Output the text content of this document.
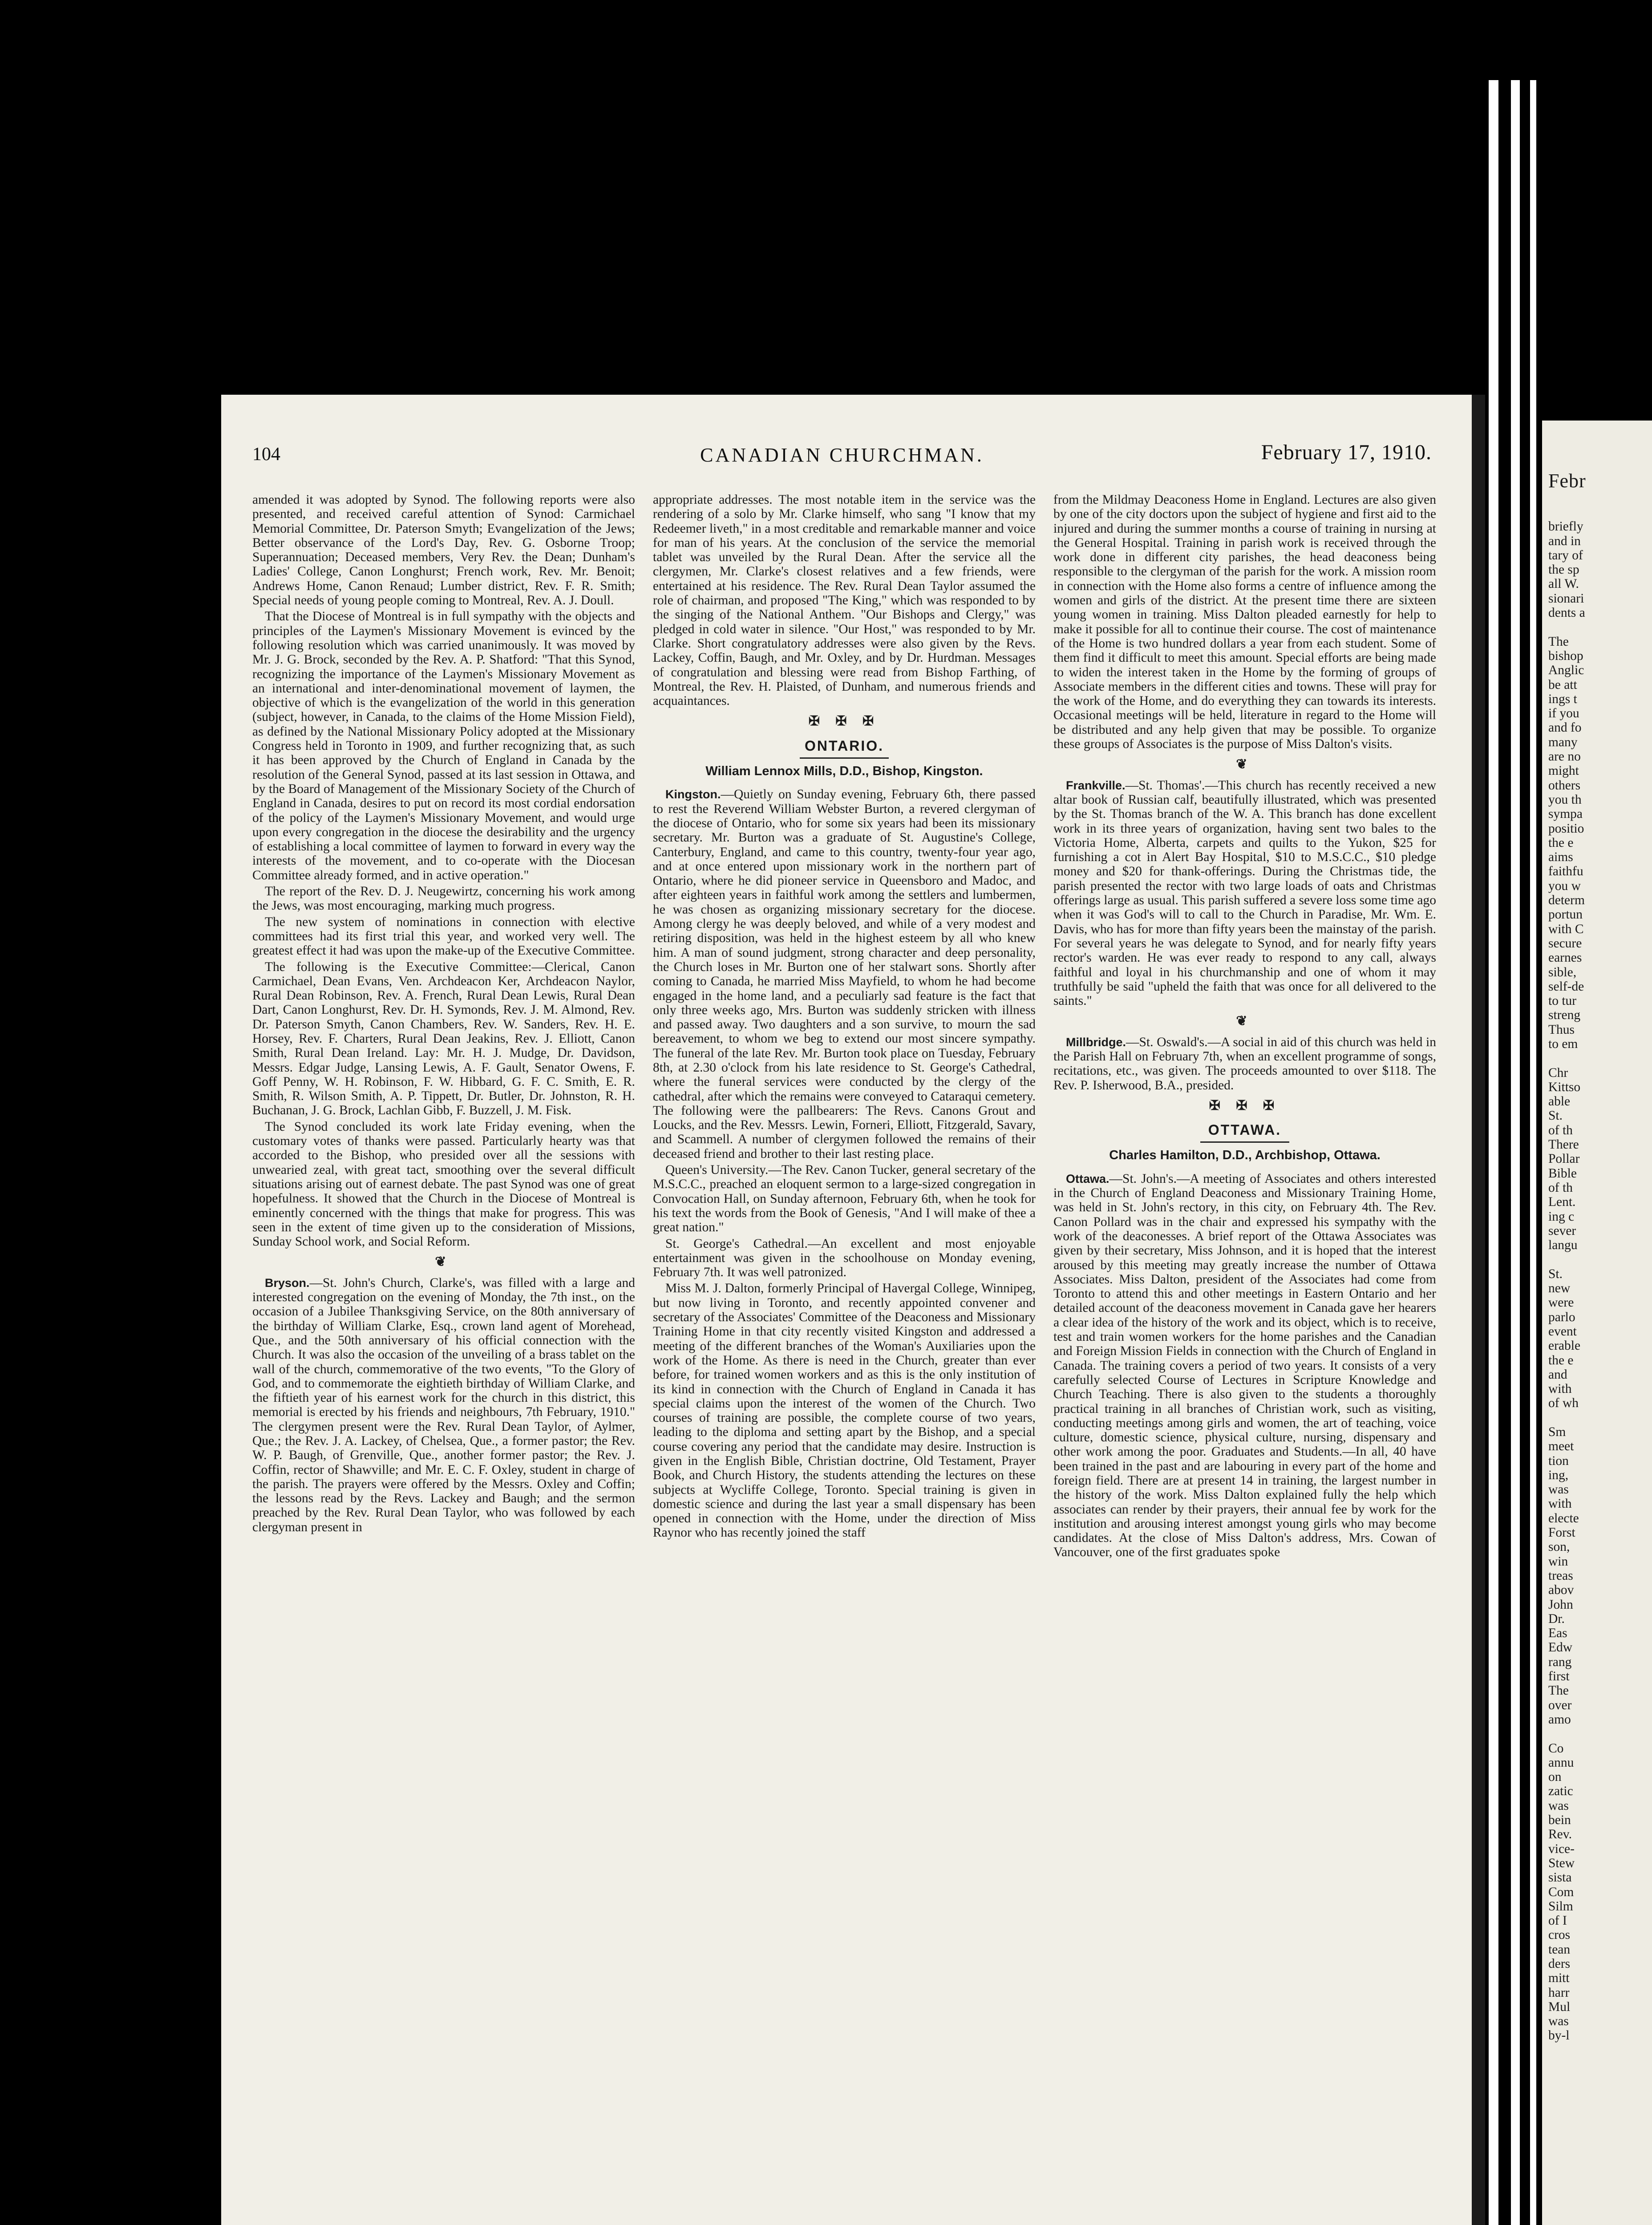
104	CANADIAN CHURCHMAN.	February 17, 1910.

amended it was adopted by Synod. The following reports were also presented, and received careful attention of Synod: Carmichael Memorial Committee, Dr. Paterson Smyth; Evangelization of the Jews; Better observance of the Lord's Day, Rev. G. Osborne Troop; Superannuation; Deceased members, Very Rev. the Dean; Dunham's Ladies' College, Canon Longhurst; French work, Rev. Mr. Benoit; Andrews Home, Canon Renaud; Lumber district, Rev. F. R. Smith; Special needs of young people coming to Montreal, Rev. A. J. Doull.

That the Diocese of Montreal is in full sympathy with the objects and principles of the Laymen's Missionary Movement is evinced by the following resolution which was carried unanimously. It was moved by Mr. J. G. Brock, seconded by the Rev. A. P. Shatford: "That this Synod, recognizing the importance of the Laymen's Missionary Movement as an international and inter-denominational movement of laymen, the objective of which is the evangelization of the world in this generation (subject, however, in Canada, to the claims of the Home Mission Field), as defined by the National Missionary Policy adopted at the Missionary Congress held in Toronto in 1909, and further recognizing that, as such it has been approved by the Church of England in Canada by the resolution of the General Synod, passed at its last session in Ottawa, and by the Board of Management of the Missionary Society of the Church of England in Canada, desires to put on record its most cordial endorsation of the policy of the Laymen's Missionary Movement, and would urge upon every congregation in the diocese the desirability and the urgency of establishing a local committee of laymen to forward in every way the interests of the movement, and to co-operate with the Diocesan Committee already formed, and in active operation."

The report of the Rev. D. J. Neugewirtz, concerning his work among the Jews, was most encouraging, marking much progress.

The new system of nominations in connection with elective committees had its first trial this year, and worked very well. The greatest effect it had was upon the make-up of the Executive Committee.

The following is the Executive Committee:—Clerical, Canon Carmichael, Dean Evans, Ven. Archdeacon Ker, Archdeacon Naylor, Rural Dean Robinson, Rev. A. French, Rural Dean Lewis, Rural Dean Dart, Canon Longhurst, Rev. Dr. H. Symonds, Rev. J. M. Almond, Rev. Dr. Paterson Smyth, Canon Chambers, Rev. W. Sanders, Rev. H. E. Horsey, Rev. F. Charters, Rural Dean Jeakins, Rev. J. Elliott, Canon Smith, Rural Dean Ireland. Lay: Mr. H. J. Mudge, Dr. Davidson, Messrs. Edgar Judge, Lansing Lewis, A. F. Gault, Senator Owens, F. Goff Penny, W. H. Robinson, F. W. Hibbard, G. F. C. Smith, E. R. Smith, R. Wilson Smith, A. P. Tippett, Dr. Butler, Dr. Johnston, R. H. Buchanan, J. G. Brock, Lachlan Gibb, F. Buzzell, J. M. Fisk.

The Synod concluded its work late Friday evening, when the customary votes of thanks were passed. Particularly hearty was that accorded to the Bishop, who presided over all the sessions with unwearied zeal, with great tact, smoothing over the several difficult situations arising out of earnest debate. The past Synod was one of great hopefulness. It showed that the Church in the Diocese of Montreal is eminently concerned with the things that make for progress. This was seen in the extent of time given up to the consideration of Missions, Sunday School work, and Social Reform.

❦

Bryson.—St. John's Church, Clarke's, was filled with a large and interested congregation on the evening of Monday, the 7th inst., on the occasion of a Jubilee Thanksgiving Service, on the 80th anniversary of the birthday of William Clarke, Esq., crown land agent of Morehead, Que., and the 50th anniversary of his official connection with the Church. It was also the occasion of the unveiling of a brass tablet on the wall of the church, commemorative of the two events, "To the Glory of God, and to commemorate the eightieth birthday of William Clarke, and the fiftieth year of his earnest work for the church in this district, this memorial is erected by his friends and neighbours, 7th February, 1910." The clergymen present were the Rev. Rural Dean Taylor, of Aylmer, Que.; the Rev. J. A. Lackey, of Chelsea, Que., a former pastor; the Rev. W. P. Baugh, of Grenville, Que., another former pastor; the Rev. J. Coffin, rector of Shawville; and Mr. E. C. F. Oxley, student in charge of the parish. The prayers were offered by the Messrs. Oxley and Coffin; the lessons read by the Revs. Lackey and Baugh; and the sermon preached by the Rev. Rural Dean Taylor, who was followed by each clergyman present in

appropriate addresses. The most notable item in the service was the rendering of a solo by Mr. Clarke himself, who sang "I know that my Redeemer liveth," in a most creditable and remarkable manner and voice for man of his years. At the conclusion of the service the memorial tablet was unveiled by the Rural Dean. After the service all the clergymen, Mr. Clarke's closest relatives and a few friends, were entertained at his residence. The Rev. Rural Dean Taylor assumed the role of chairman, and proposed "The King," which was responded to by the singing of the National Anthem. "Our Bishops and Clergy," was pledged in cold water in silence. "Our Host," was responded to by Mr. Clarke. Short congratulatory addresses were also given by the Revs. Lackey, Coffin, Baugh, and Mr. Oxley, and by Dr. Hurdman. Messages of congratulation and blessing were read from Bishop Farthing, of Montreal, the Rev. H. Plaisted, of Dunham, and numerous friends and acquaintances.

✠ ✠ ✠
ONTARIO.
William Lennox Mills, D.D., Bishop, Kingston.

Kingston.—Quietly on Sunday evening, February 6th, there passed to rest the Reverend William Webster Burton, a revered clergyman of the diocese of Ontario, who for some six years had been its missionary secretary. Mr. Burton was a graduate of St. Augustine's College, Canterbury, England, and came to this country, twenty-four year ago, and at once entered upon missionary work in the northern part of Ontario, where he did pioneer service in Queensboro and Madoc, and after eighteen years in faithful work among the settlers and lumbermen, he was chosen as organizing missionary secretary for the diocese. Among clergy he was deeply beloved, and while of a very modest and retiring disposition, was held in the highest esteem by all who knew him. A man of sound judgment, strong character and deep personality, the Church loses in Mr. Burton one of her stalwart sons. Shortly after coming to Canada, he married Miss Mayfield, to whom he had become engaged in the home land, and a peculiarly sad feature is the fact that only three weeks ago, Mrs. Burton was suddenly stricken with illness and passed away. Two daughters and a son survive, to mourn the sad bereavement, to whom we beg to extend our most sincere sympathy. The funeral of the late Rev. Mr. Burton took place on Tuesday, February 8th, at 2.30 o'clock from his late residence to St. George's Cathedral, where the funeral services were conducted by the clergy of the cathedral, after which the remains were conveyed to Cataraqui cemetery. The following were the pallbearers: The Revs. Canons Grout and Loucks, and the Rev. Messrs. Lewin, Forneri, Elliott, Fitzgerald, Savary, and Scammell. A number of clergymen followed the remains of their deceased friend and brother to their last resting place.

Queen's University.—The Rev. Canon Tucker, general secretary of the M.S.C.C., preached an eloquent sermon to a large-sized congregation in Convocation Hall, on Sunday afternoon, February 6th, when he took for his text the words from the Book of Genesis, "And I will make of thee a great nation."

St. George's Cathedral.—An excellent and most enjoyable entertainment was given in the schoolhouse on Monday evening, February 7th. It was well patronized.

Miss M. J. Dalton, formerly Principal of Havergal College, Winnipeg, but now living in Toronto, and recently appointed convener and secretary of the Associates' Committee of the Deaconess and Missionary Training Home in that city recently visited Kingston and addressed a meeting of the different branches of the Woman's Auxiliaries upon the work of the Home. As there is need in the Church, greater than ever before, for trained women workers and as this is the only institution of its kind in connection with the Church of England in Canada it has special claims upon the interest of the women of the Church. Two courses of training are possible, the complete course of two years, leading to the diploma and setting apart by the Bishop, and a special course covering any period that the candidate may desire. Instruction is given in the English Bible, Christian doctrine, Old Testament, Prayer Book, and Church History, the students attending the lectures on these subjects at Wycliffe College, Toronto. Special training is given in domestic science and during the last year a small dispensary has been opened in connection with the Home, under the direction of Miss Raynor who has recently joined the staff

from the Mildmay Deaconess Home in England. Lectures are also given by one of the city doctors upon the subject of hygiene and first aid to the injured and during the summer months a course of training in nursing at the General Hospital. Training in parish work is received through the work done in different city parishes, the head deaconess being responsible to the clergyman of the parish for the work. A mission room in connection with the Home also forms a centre of influence among the women and girls of the district. At the present time there are sixteen young women in training. Miss Dalton pleaded earnestly for help to make it possible for all to continue their course. The cost of maintenance of the Home is two hundred dollars a year from each student. Some of them find it difficult to meet this amount. Special efforts are being made to widen the interest taken in the Home by the forming of groups of Associate members in the different cities and towns. These will pray for the work of the Home, and do everything they can towards its interests. Occasional meetings will be held, literature in regard to the Home will be distributed and any help given that may be possible. To organize these groups of Associates is the purpose of Miss Dalton's visits.

❦

Frankville.—St. Thomas'.—This church has recently received a new altar book of Russian calf, beautifully illustrated, which was presented by the St. Thomas branch of the W. A. This branch has done excellent work in its three years of organization, having sent two bales to the Victoria Home, Alberta, carpets and quilts to the Yukon, $25 for furnishing a cot in Alert Bay Hospital, $10 to M.S.C.C., $10 pledge money and $20 for thank-offerings. During the Christmas tide, the parish presented the rector with two large loads of oats and Christmas offerings large as usual. This parish suffered a severe loss some time ago when it was God's will to call to the Church in Paradise, Mr. Wm. E. Davis, who has for more than fifty years been the mainstay of the parish. For several years he was delegate to Synod, and for nearly fifty years rector's warden. He was ever ready to respond to any call, always faithful and loyal in his churchmanship and one of whom it may truthfully be said "upheld the faith that was once for all delivered to the saints."

❦

Millbridge.—St. Oswald's.—A social in aid of this church was held in the Parish Hall on February 7th, when an excellent programme of songs, recitations, etc., was given. The proceeds amounted to over $118. The Rev. P. Isherwood, B.A., presided.

✠ ✠ ✠
OTTAWA.
Charles Hamilton, D.D., Archbishop, Ottawa.

Ottawa.—St. John's.—A meeting of Associates and others interested in the Church of England Deaconess and Missionary Training Home, was held in St. John's rectory, in this city, on February 4th. The Rev. Canon Pollard was in the chair and expressed his sympathy with the work of the deaconesses. A brief report of the Ottawa Associates was given by their secretary, Miss Johnson, and it is hoped that the interest aroused by this meeting may greatly increase the number of Ottawa Associates. Miss Dalton, president of the Associates had come from Toronto to attend this and other meetings in Eastern Ontario and her detailed account of the deaconess movement in Canada gave her hearers a clear idea of the history of the work and its object, which is to receive, test and train women workers for the home parishes and the Canadian and Foreign Mission Fields in connection with the Church of England in Canada. The training covers a period of two years. It consists of a very carefully selected Course of Lectures in Scripture Knowledge and Church Teaching. There is also given to the students a thoroughly practical training in all branches of Christian work, such as visiting, conducting meetings among girls and women, the art of teaching, voice culture, domestic science, physical culture, nursing, dispensary and other work among the poor. Graduates and Students.—In all, 40 have been trained in the past and are labouring in every part of the home and foreign field. There are at present 14 in training, the largest number in the history of the work. Miss Dalton explained fully the help which associates can render by their prayers, their annual fee by work for the institution and arousing interest amongst young girls who may become candidates. At the close of Miss Dalton's address, Mrs. Cowan of Vancouver, one of the first graduates spoke

Febr
briefly
and in
tary of
the sp
all W.
sionari
dents a

The
bishop
Anglic
be att
ings t
if you
and fo
many
are no
might
others
you th
sympa
positio
the e
aims
faithfu
you w
determ
portun
with C
secure
earnes
sible,
self-de
to tur
streng
Thus
to em

Chr
Kittso
able
St.
of th
There
Pollar
Bible
of th
Lent.
ing c
sever
langu

St.
new
were
parlo
event
erable
the e
and
with
of wh

Sm
meet
tion
ing,
was
with
electe
Forst
son,
win
treas
abov
John
Dr.
Eas
Edw
rang
first
The
over
amo

Co
annu
on
zatic
was
bein
Rev.
vice-
Stew
sista
Com
Silm
of I
cros
tean
ders
mitt
harr
Mul
was
by-l
